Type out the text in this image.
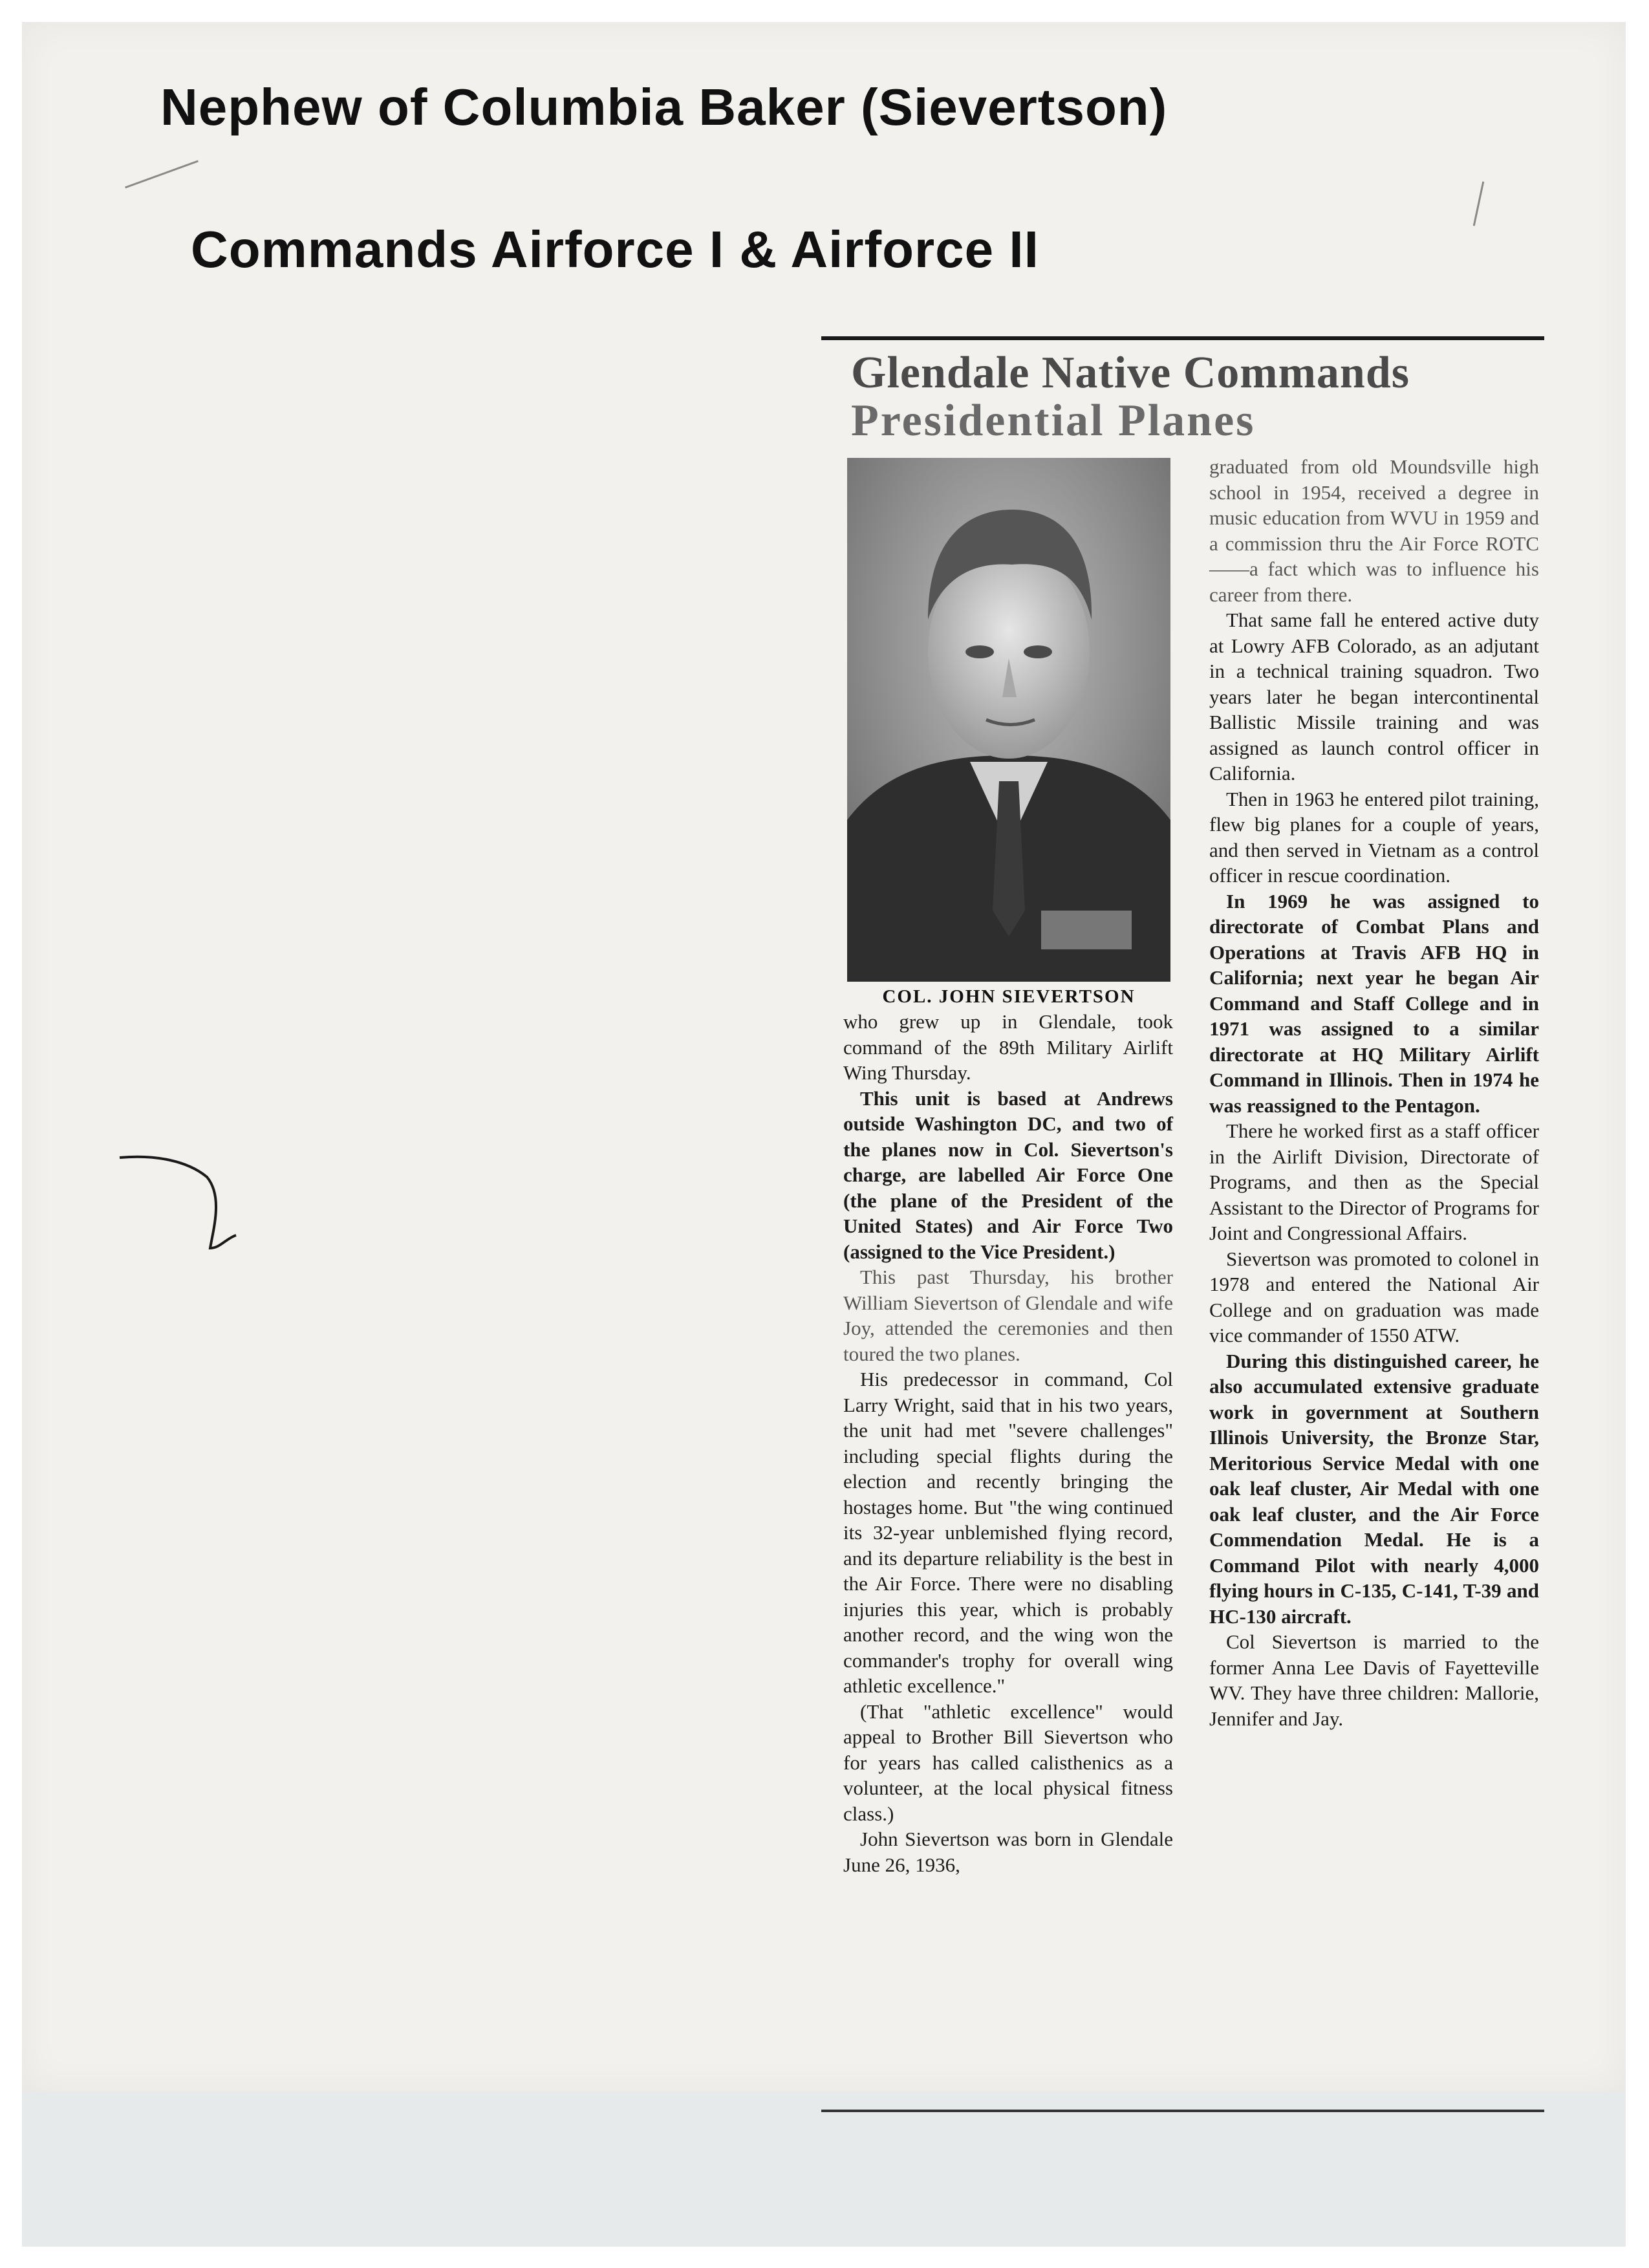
Nephew of Columbia Baker (Sievertson)
Commands Airforce I & Airforce II
Glendale Native Commands
Presidential Planes
COL. JOHN SIEVERTSON

who grew up in Glendale, took command of the 89th Military Airlift Wing Thursday.

This unit is based at Andrews outside Washington DC, and two of the planes now in Col. Sievertson's charge, are labelled Air Force One (the plane of the President of the United States) and Air Force Two (assigned to the Vice President.)

This past Thursday, his brother William Sievertson of Glendale and wife Joy, attended the ceremonies and then toured the two planes.

His predecessor in command, Col Larry Wright, said that in his two years, the unit had met "severe challenges" including special flights during the election and recently bringing the hostages home. But "the wing continued its 32-year unblemished flying record, and its departure reliability is the best in the Air Force. There were no disabling injuries this year, which is probably another record, and the wing won the commander's trophy for overall wing athletic excellence."

(That "athletic excellence" would appeal to Brother Bill Sievertson who for years has called calisthenics as a volunteer, at the local physical fitness class.)

John Sievertson was born in Glendale June 26, 1936,

graduated from old Moundsville high school in 1954, received a degree in music education from WVU in 1959 and a commission thru the Air Force ROTC——a fact which was to influence his career from there.

That same fall he entered active duty at Lowry AFB Colorado, as an adjutant in a technical training squadron. Two years later he began intercontinental Ballistic Missile training and was assigned as launch control officer in California.

Then in 1963 he entered pilot training, flew big planes for a couple of years, and then served in Vietnam as a control officer in rescue coordination.

In 1969 he was assigned to directorate of Combat Plans and Operations at Travis AFB HQ in California; next year he began Air Command and Staff College and in 1971 was assigned to a similar directorate at HQ Military Airlift Command in Illinois. Then in 1974 he was reassigned to the Pentagon.

There he worked first as a staff officer in the Airlift Division, Directorate of Programs, and then as the Special Assistant to the Director of Programs for Joint and Congressional Affairs.

Sievertson was promoted to colonel in 1978 and entered the National Air College and on graduation was made vice commander of 1550 ATW.

During this distinguished career, he also accumulated extensive graduate work in government at Southern Illinois University, the Bronze Star, Meritorious Service Medal with one oak leaf cluster, Air Medal with one oak leaf cluster, and the Air Force Commendation Medal. He is a Command Pilot with nearly 4,000 flying hours in C-135, C-141, T-39 and HC-130 aircraft.

Col Sievertson is married to the former Anna Lee Davis of Fayetteville WV. They have three children: Mallorie, Jennifer and Jay.
